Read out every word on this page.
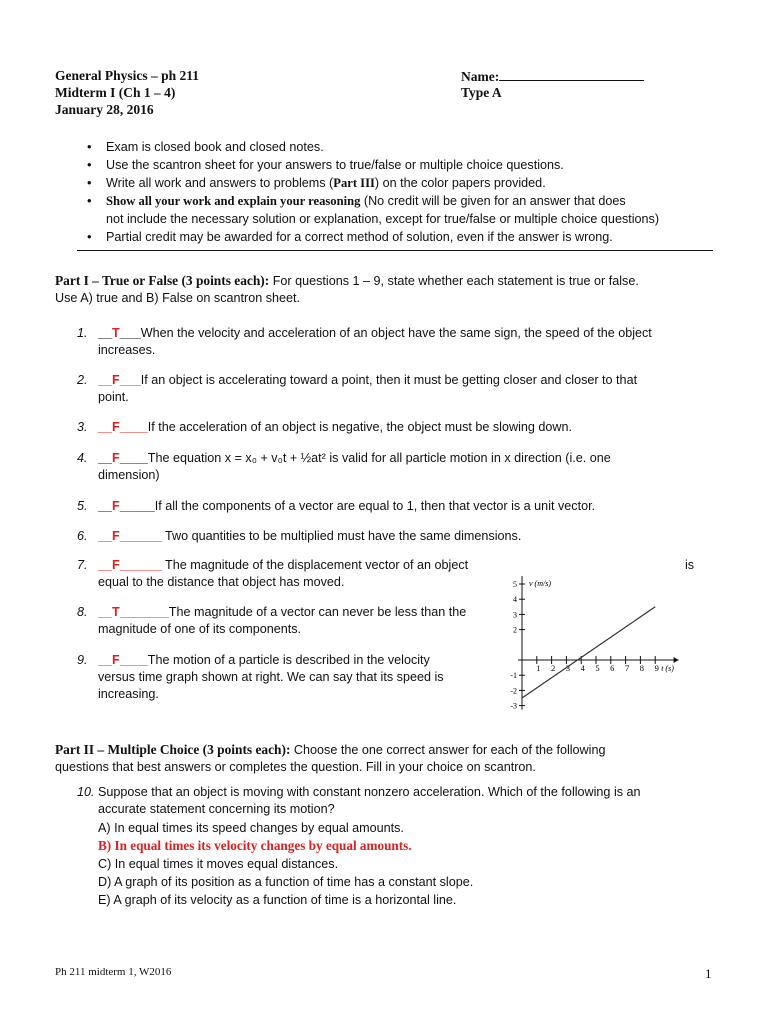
General Physics – ph 211
Midterm I (Ch 1 – 4)
January 28, 2016
Name:
Type A
• Exam is closed book and closed notes.
• Use the scantron sheet for your answers to true/false or multiple choice questions.
• Write all work and answers to problems (Part III) on the color papers provided.
• Show all your work and explain your reasoning (No credit will be given for an answer that does
not include the necessary solution or explanation, except for true/false or multiple choice questions)
• Partial credit may be awarded for a correct method of solution, even if the answer is wrong.
Part I – True or False (3 points each): For questions 1 – 9, state whether each statement is true or false.
Use A) true and B) False on scantron sheet.
1. __T___When the velocity and acceleration of an object have the same sign, the speed of the object
increases.
2. __F___If an object is accelerating toward a point, then it must be getting closer and closer to that
point.
3. __F____If the acceleration of an object is negative, the object must be slowing down.
4. __F____The equation x = x₀ + v₀t + ½at² is valid for all particle motion in x direction (i.e. one
dimension)
5. __F_____If all the components of a vector are equal to 1, then that vector is a unit vector.
6. __F______ Two quantities to be multiplied must have the same dimensions.
7. __F______ The magnitude of the displacement vector of an object
equal to the distance that object has moved.
is
8. __T_______The magnitude of a vector can never be less than the
magnitude of one of its components.
9. __F____The motion of a particle is described in the velocity
versus time graph shown at right. We can say that its speed is
increasing.
1 2 3 4 5 6 7 8 9
-3
-2
-1
2
3
4
5 v (m/s)
t (s)
Part II – Multiple Choice (3 points each): Choose the one correct answer for each of the following
questions that best answers or completes the question. Fill in your choice on scantron.
10. Suppose that an object is moving with constant nonzero acceleration. Which of the following is an
accurate statement concerning its motion?
A) In equal times its speed changes by equal amounts.
B) In equal times its velocity changes by equal amounts.
C) In equal times it moves equal distances.
D) A graph of its position as a function of time has a constant slope.
E) A graph of its velocity as a function of time is a horizontal line.
Ph 211 midterm 1, W2016	1
